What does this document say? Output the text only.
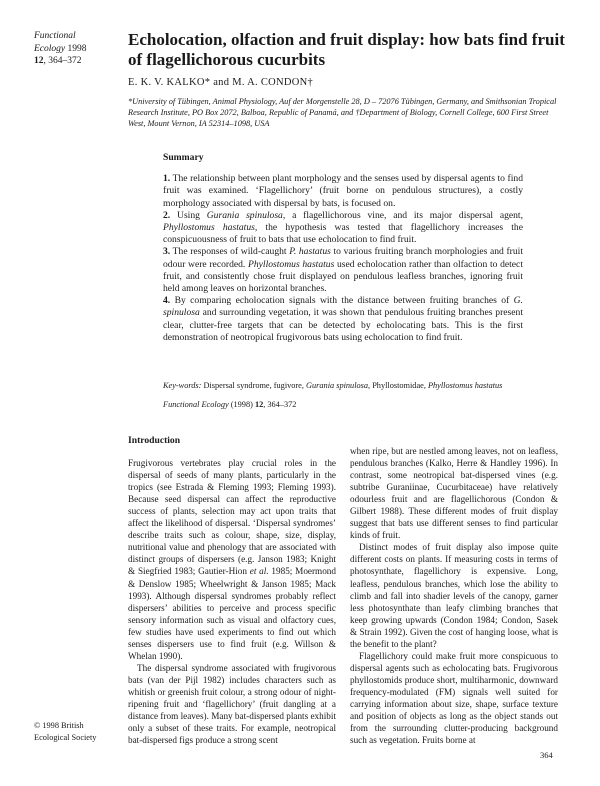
Functional
Ecology 1998
12, 364–372
Echolocation, olfaction and fruit display: how bats find fruit of flagellichorous cucurbits
E. K. V. KALKO* and M. A. CONDON†
*University of Tübingen, Animal Physiology, Auf der Morgenstelle 28, D – 72076 Tübingen, Germany, and Smithsonian Tropical Research Institute, PO Box 2072, Balboa, Republic of Panamá, and †Department of Biology, Cornell College, 600 First Street West, Mount Vernon, IA 52314–1098, USA
Summary

1. The relationship between plant morphology and the senses used by dispersal agents to find fruit was examined. ‘Flagellichory’ (fruit borne on pendulous structures), a costly morphology associated with dispersal by bats, is focused on.

2. Using Gurania spinulosa, a flagellichorous vine, and its major dispersal agent, Phyllostomus hastatus, the hypothesis was tested that flagellichory increases the conspicuousness of fruit to bats that use echolocation to find fruit.

3. The responses of wild-caught P. hastatus to various fruiting branch morphologies and fruit odour were recorded. Phyllostomus hastatus used echolocation rather than olfaction to detect fruit, and consistently chose fruit displayed on pendulous leafless branches, ignoring fruit held among leaves on horizontal branches.

4. By comparing echolocation signals with the distance between fruiting branches of G. spinulosa and surrounding vegetation, it was shown that pendulous fruiting branches present clear, clutter-free targets that can be detected by echolocating bats. This is the first demonstration of neotropical frugivorous bats using echolocation to find fruit.

Key-words: Dispersal syndrome, fugivore, Gurania spinulosa, Phyllostomidae, Phyllostomus hastatus
Functional Ecology (1998) 12, 364–372
Introduction

Frugivorous vertebrates play crucial roles in the dispersal of seeds of many plants, particularly in the tropics (see Estrada & Fleming 1993; Fleming 1993). Because seed dispersal can affect the reproductive success of plants, selection may act upon traits that affect the likelihood of dispersal. ‘Dispersal syndromes’ describe traits such as colour, shape, size, display, nutritional value and phenology that are associated with distinct groups of dispersers (e.g. Janson 1983; Knight & Siegfried 1983; Gautier-Hion et al. 1985; Moermond & Denslow 1985; Wheelwright & Janson 1985; Mack 1993). Although dispersal syndromes probably reflect dispersers’ abilities to perceive and process specific sensory information such as visual and olfactory cues, few studies have used experiments to find out which senses dispersers use to find fruit (e.g. Willson & Whelan 1990).

The dispersal syndrome associated with frugivorous bats (van der Pijl 1982) includes characters such as whitish or greenish fruit colour, a strong odour of night-ripening fruit and ‘flagellichory’ (fruit dangling at a distance from leaves). Many bat-dispersed plants exhibit only a subset of these traits. For example, neotropical bat-dispersed figs produce a strong scent

when ripe, but are nestled among leaves, not on leafless, pendulous branches (Kalko, Herre & Handley 1996). In contrast, some neotropical bat-dispersed vines (e.g. subtribe Guraniinae, Cucurbitaceae) have relatively odourless fruit and are flagellichorous (Condon & Gilbert 1988). These different modes of fruit display suggest that bats use different senses to find particular kinds of fruit.

Distinct modes of fruit display also impose quite different costs on plants. If measuring costs in terms of photosynthate, flagellichory is expensive. Long, leafless, pendulous branches, which lose the ability to climb and fall into shadier levels of the canopy, garner less photosynthate than leafy climbing branches that keep growing upwards (Condon 1984; Condon, Sasek & Strain 1992). Given the cost of hanging loose, what is the benefit to the plant?

Flagellichory could make fruit more conspicuous to dispersal agents such as echolocating bats. Frugivorous phyllostomids produce short, multiharmonic, downward frequency-modulated (FM) signals well suited for carrying information about size, shape, surface texture and position of objects as long as the object stands out from the surrounding clutter-producing background such as vegetation. Fruits borne at

© 1998 British
Ecological Society
364
